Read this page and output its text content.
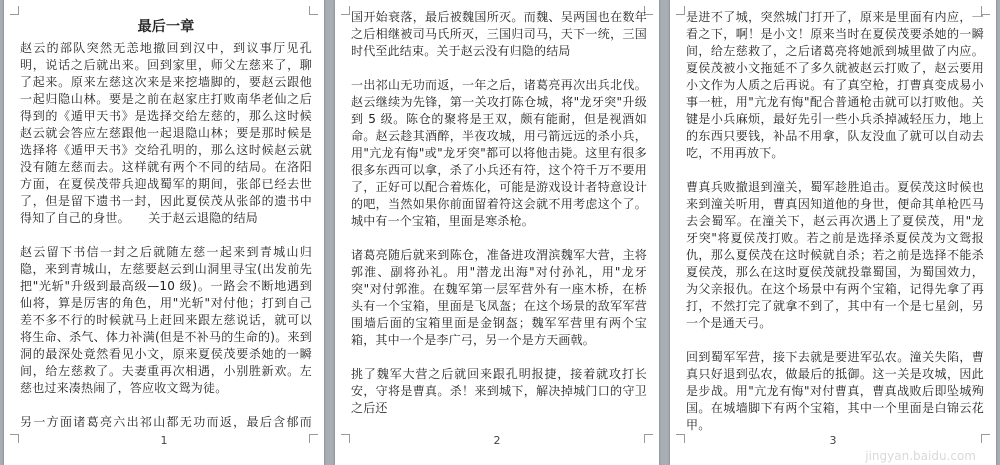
最后一章

赵云的部队突然无恙地撤回到汉中，到议事厅见孔明，说话之后就出来。回到家里，师父左慈来了，聊了起来。原来左慈这次来是来挖墙脚的，要赵云跟他一起归隐山林。要是之前在赵家庄打败南华老仙之后得到的《遁甲天书》是选择交给左慈的，那么这时候赵云就会答应左慈跟他一起退隐山林；要是那时候是选择将《遁甲天书》交给孔明的，那么这时候赵云就没有随左慈而去。这样就有两个不同的结局。在洛阳方面，在夏侯茂带兵迎战蜀军的期间，张郃已经去世了，但是留下遗书一封，因此夏侯茂从张郃的遗书中得知了自己的身世。　　关于赵云退隐的结局

赵云留下书信一封之后就随左慈一起来到青城山归隐，来到青城山，左慈要赵云到山洞里寻宝(出发前先把"光斩"升级到最高级—10 级)。一路会不断地遇到仙将，算是厉害的角色，用"光斩"对付他；打到自己差不多不行的时候就马上赶回来跟左慈说话，就可以将生命、杀气、体力补满(但是不补马的生命的)。来到洞的最深处竟然看见小文，原来夏侯茂要杀她的一瞬间，给左慈救了。夫妻重再次相遇，小别胜新欢。左慈也过来凑热闹了，答应收文鸳为徒。

另一方面诸葛亮六出祁山都无功而返，最后含郁而

1

国开始衰落，最后被魏国所灭。而魏、吴两国也在数年之后相继被司马氏所灭，三国归司马，天下一统，三国时代至此结束。关于赵云没有归隐的结局

一出祁山无功而返，一年之后，诸葛亮再次出兵北伐。赵云继续为先锋，第一关攻打陈仓城，将"龙牙突"升级到 5 级。陈仓的聚将是王双，颇有能耐，但是视酒如命。赵云趁其酒醉，半夜攻城，用弓箭远远的杀小兵，用"亢龙有悔"或"龙牙突"都可以将他击毙。这里有很多很多东西可以拿，杀了小兵还有符，这个符千万不要用了，正好可以配合着炼化，可能是游戏设计者特意设计的吧，当然如果你前面留着符这会就不用考虑这个了。城中有一个宝箱，里面是寒杀枪。

诸葛亮随后就来到陈仓，准备进攻渭滨魏军大营，主将郭淮、副将孙礼。用"潜龙出海"对付孙礼，用"龙牙突"对付郭淮。在魏军第一层军营外有一座木桥，在桥头有一个宝箱，里面是飞凤盔；在这个场景的敌军军营围墙后面的宝箱里面是金钢盔；魏军军营里有两个宝箱，其中一个是李广弓，另一个是方天画戟。

挑了魏军大营之后就回来跟孔明报捷，接着就攻打长安，守将是曹真。杀！来到城下，解决掉城门口的守卫之后还

2

是进不了城，突然城门打开了，原来是里面有内应，一看之下，啊！是小文！原来当时在夏侯茂要杀她的一瞬间，给左慈救了，之后诸葛亮将她派到城里做了内应。夏侯茂被小文拖延不了多久就被赵云打败了，赵云要用小文作为人质之后再说。有了真空枪，打曹真变成易小事一桩，用"亢龙有悔"配合普通枪击就可以打败他。关键是小兵麻烦，最好先引一些小兵杀掉减轻压力，地上的东西只要钱，补品不用拿，队友没血了就可以自动去吃，不用再放下。

曹真兵败撤退到潼关，蜀军趁胜追击。夏侯茂这时候也来到潼关听用，曹真因知道他的身世，便命其单枪匹马去会蜀军。在潼关下，赵云再次遇上了夏侯茂，用"龙牙突"将夏侯茂打败。若之前是选择杀夏侯茂为文鸳报仇，那么夏侯茂在这时候就自杀；若之前是选择不能杀夏侯茂，那么在这时夏侯茂就投靠蜀国，为蜀国效力，为父亲报仇。在这个场景中有两个宝箱，记得先拿了再打，不然打完了就拿不到了，其中有一个是七星剑，另一个是通天弓。

回到蜀军军营，接下去就是要进军弘农。潼关失陷，曹真只好退到弘农，做最后的抵御。这一关是攻城，因此是步战。用"亢龙有悔"对付曹真，曹真战败后即坠城殉国。在城墙脚下有两个宝箱，其中一个里面是白锦云花甲。

3
jingyan.baidu.com
